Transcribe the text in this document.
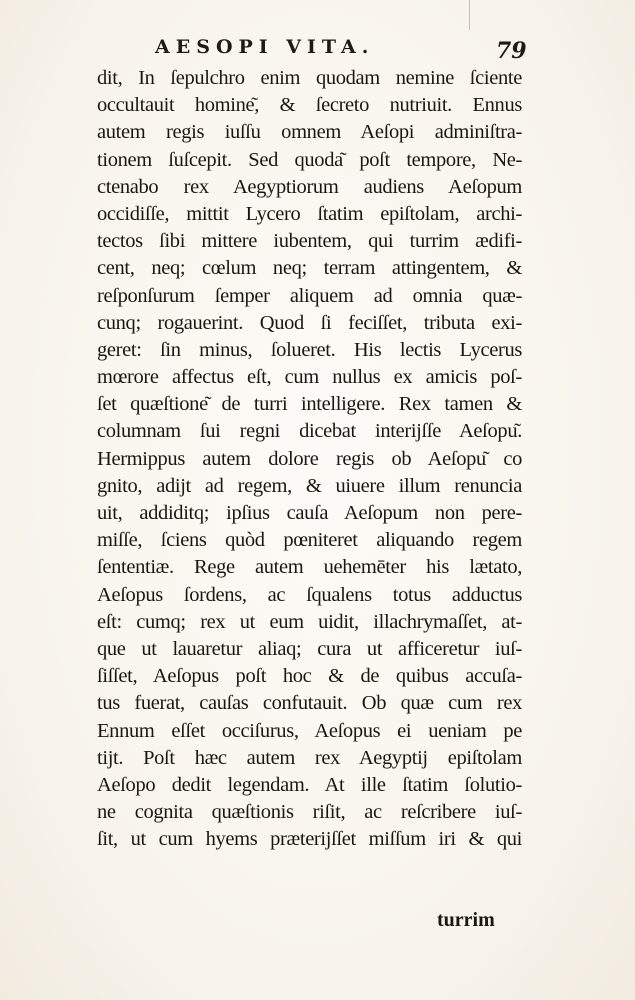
AESOPI VITA.	79
dit, In ſepulchro enim quodam nemine ſciente
occultauit homine͂, & ſecreto nutriuit. Ennus
autem regis iuſſu omnem Aeſopi adminiſtra-
tionem ſuſcepit. Sed quoda͂ poſt tempore, Ne-
ctenabo rex Aegyptiorum audiens Aeſopum
occidiſſe, mittit Lycero ſtatim epiſtolam, archi-
tectos ſibi mittere iubentem, qui turrim ædifi-
cent, neq; cœlum neq; terram attingentem, &
reſponſurum ſemper aliquem ad omnia quæ-
cunq; rogauerint. Quod ſi feciſſet, tributa exi-
geret: ſin minus, ſolueret. His lectis Lycerus
mœrore affectus eſt, cum nullus ex amicis poſ-
ſet quæſtione͂ de turri intelligere. Rex tamen &
columnam ſui regni dicebat interijſſe Aeſopu͂.
Hermippus autem dolore regis ob Aeſopu͂ co
gnito, adijt ad regem, & uiuere illum renuncia
uit, addiditq; ipſius cauſa Aeſopum non pere-
miſſe, ſciens quòd pœniteret aliquando regem
ſententiæ. Rege autem uehemēter his lætato,
Aeſopus ſordens, ac ſqualens totus adductus
eſt: cumq; rex ut eum uidit, illachrymaſſet, at-
que ut lauaretur aliaq; cura ut afficeretur iuſ-
ſiſſet, Aeſopus poſt hoc & de quibus accuſa-
tus fuerat, cauſas confutauit. Ob quæ cum rex
Ennum eſſet occiſurus, Aeſopus ei ueniam pe
tijt. Poſt hæc autem rex Aegyptij epiſtolam
Aeſopo dedit legendam. At ille ſtatim ſolutio-
ne cognita quæſtionis riſit, ac reſcribere iuſ-
ſit, ut cum hyems præterijſſet miſſum iri & qui
turrim
